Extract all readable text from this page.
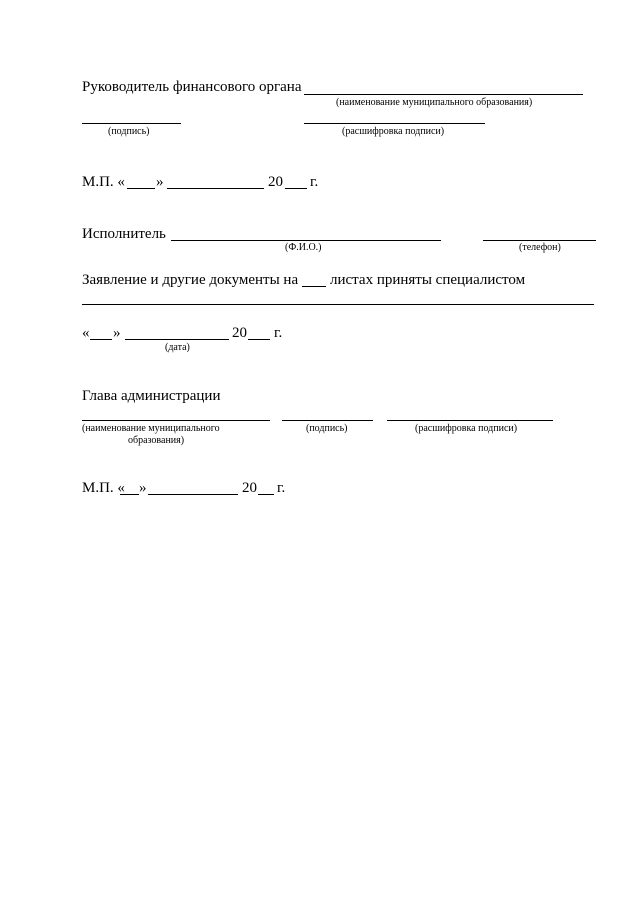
Руководитель финансового органа
(наименование муниципального образования)
(подпись)	(расшифровка подписи)
М.П. « »	20 г.
Исполнитель
(Ф.И.О.)	(телефон)
Заявление и другие документы на листах приняты специалистом
« »	20 г.
(дата)
Глава администрации
(наименование муниципального
образования)
(подпись)	(расшифровка подписи)
М.П. « »	20 г.
